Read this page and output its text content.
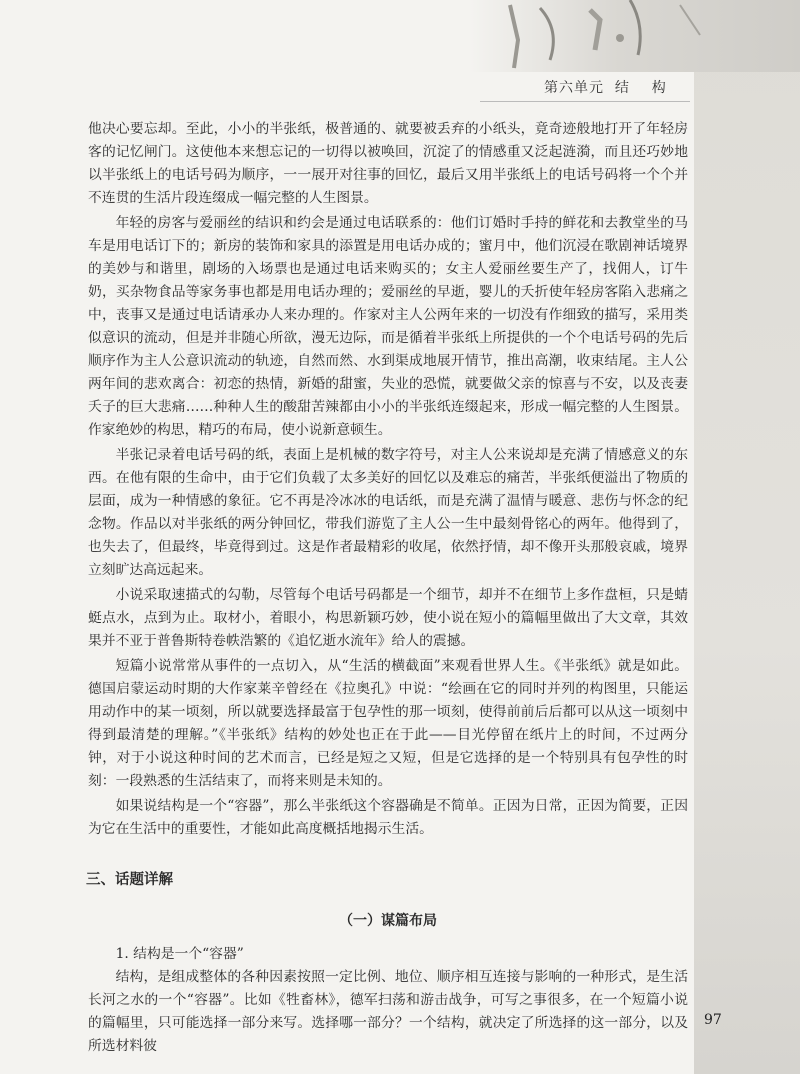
第六单元  结    构

他决心要忘却。至此，小小的半张纸，极普通的、就要被丢弃的小纸头，竟奇迹般地打开了年轻房客的记忆闸门。这使他本来想忘记的一切得以被唤回，沉淀了的情感重又泛起涟漪，而且还巧妙地以半张纸上的电话号码为顺序，一一展开对往事的回忆，最后又用半张纸上的电话号码将一个个并不连贯的生活片段连缀成一幅完整的人生图景。

年轻的房客与爱丽丝的结识和约会是通过电话联系的：他们订婚时手持的鲜花和去教堂坐的马车是用电话订下的；新房的装饰和家具的添置是用电话办成的；蜜月中，他们沉浸在歌剧神话境界的美妙与和谐里，剧场的入场票也是通过电话来购买的；女主人爱丽丝要生产了，找佣人，订牛奶，买杂物食品等家务事也都是用电话办理的；爱丽丝的早逝，婴儿的夭折使年轻房客陷入悲痛之中，丧事又是通过电话请承办人来办理的。作家对主人公两年来的一切没有作细致的描写，采用类似意识的流动，但是并非随心所欲，漫无边际，而是循着半张纸上所提供的一个个电话号码的先后顺序作为主人公意识流动的轨迹，自然而然、水到渠成地展开情节，推出高潮，收束结尾。主人公两年间的悲欢离合：初恋的热情，新婚的甜蜜，失业的恐慌，就要做父亲的惊喜与不安，以及丧妻夭子的巨大悲痛……种种人生的酸甜苦辣都由小小的半张纸连缀起来，形成一幅完整的人生图景。作家绝妙的构思，精巧的布局，使小说新意顿生。

半张记录着电话号码的纸，表面上是机械的数字符号，对主人公来说却是充满了情感意义的东西。在他有限的生命中，由于它们负载了太多美好的回忆以及难忘的痛苦，半张纸便溢出了物质的层面，成为一种情感的象征。它不再是冷冰冰的电话纸，而是充满了温情与暖意、悲伤与怀念的纪念物。作品以对半张纸的两分钟回忆，带我们游览了主人公一生中最刻骨铭心的两年。他得到了，也失去了，但最终，毕竟得到过。这是作者最精彩的收尾，依然抒情，却不像开头那般哀戚，境界立刻旷达高远起来。

小说采取速描式的勾勒，尽管每个电话号码都是一个细节，却并不在细节上多作盘桓，只是蜻蜓点水，点到为止。取材小，着眼小，构思新颖巧妙，使小说在短小的篇幅里做出了大文章，其效果并不亚于普鲁斯特卷帙浩繁的《追忆逝水流年》给人的震撼。

短篇小说常常从事件的一点切入，从“生活的横截面”来观看世界人生。《半张纸》就是如此。德国启蒙运动时期的大作家莱辛曾经在《拉奥孔》中说：“绘画在它的同时并列的构图里，只能运用动作中的某一顷刻，所以就要选择最富于包孕性的那一顷刻，使得前前后后都可以从这一顷刻中得到最清楚的理解。”《半张纸》结构的妙处也正在于此——目光停留在纸片上的时间，不过两分钟，对于小说这种时间的艺术而言，已经是短之又短，但是它选择的是一个特别具有包孕性的时刻：一段熟悉的生活结束了，而将来则是未知的。

如果说结构是一个“容器”，那么半张纸这个容器确是不简单。正因为日常，正因为简要，正因为它在生活中的重要性，才能如此高度概括地揭示生活。

三、话题详解
（一）谋篇布局

1. 结构是一个“容器”

结构，是组成整体的各种因素按照一定比例、地位、顺序相互连接与影响的一种形式，是生活长河之水的一个“容器”。比如《牲畜林》，德军扫荡和游击战争，可写之事很多，在一个短篇小说的篇幅里，只可能选择一部分来写。选择哪一部分？一个结构，就决定了所选择的这一部分，以及所选材料彼

97
